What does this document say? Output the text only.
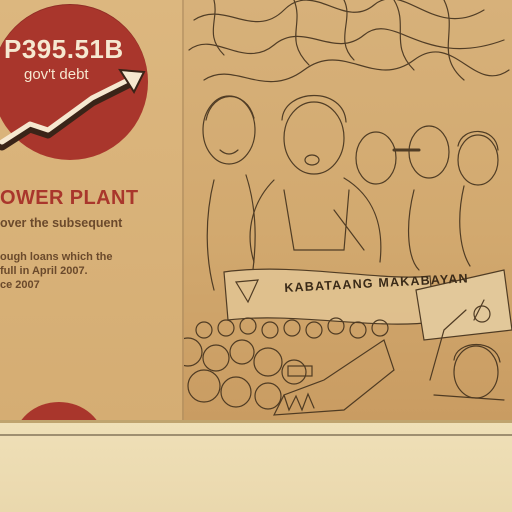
P395.51B
gov't debt
OWER PLANT
over the subsequent
ough loans which the
full in April 2007.
ce 2007	KABATAANG MAKABAYAN
